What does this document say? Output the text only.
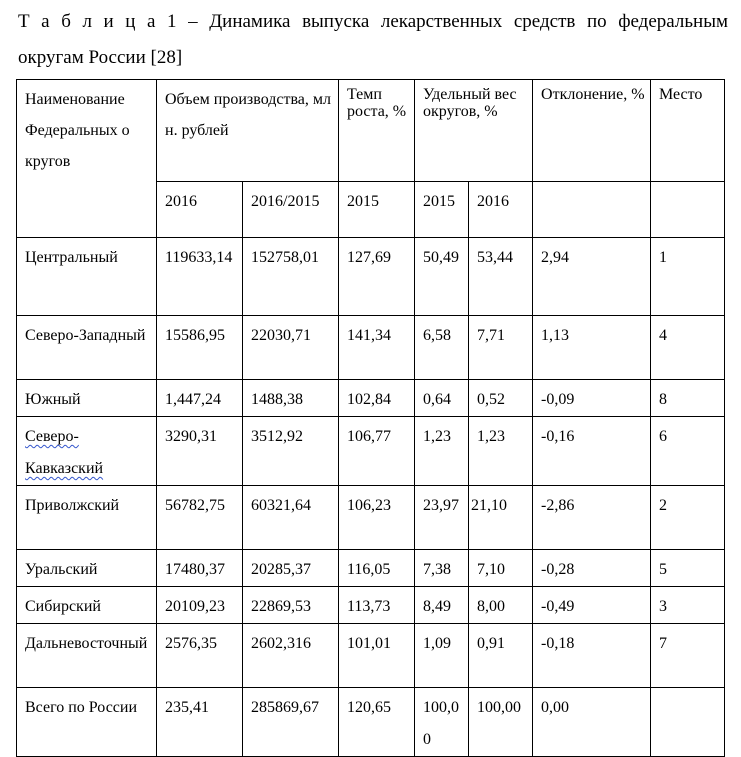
Т а б л и ц а 1 – Динамика выпуска лекарственных средств по федеральным
округам России [28]
Наименование Федеральных округов	Объем производства, млн. рублей		Темп роста, %	Удельный вес округов, %		Отклонение, %	Место
	2016	2016/2015	2015	2015	2016		
Центральный	119633,14	152758,01	127,69	50,49	53,44	2,94	1
Северо-Западный	15586,95	22030,71	141,34	6,58	7,71	1,13	4
Южный	1,447,24	1488,38	102,84	0,64	0,52	-0,09	8
Северо-Кавказский	3290,31	3512,92	106,77	1,23	1,23	-0,16	6
Приволжский	56782,75	60321,64	106,23	23,97	21,10	-2,86	2
Уральский	17480,37	20285,37	116,05	7,38	7,10	-0,28	5
Сибирский	20109,23	22869,53	113,73	8,49	8,00	-0,49	3
Дальневосточный	2576,35	2602,316	101,01	1,09	0,91	-0,18	7
Всего по России	235,41	285869,67	120,65	100,00	100,00	0,00	
